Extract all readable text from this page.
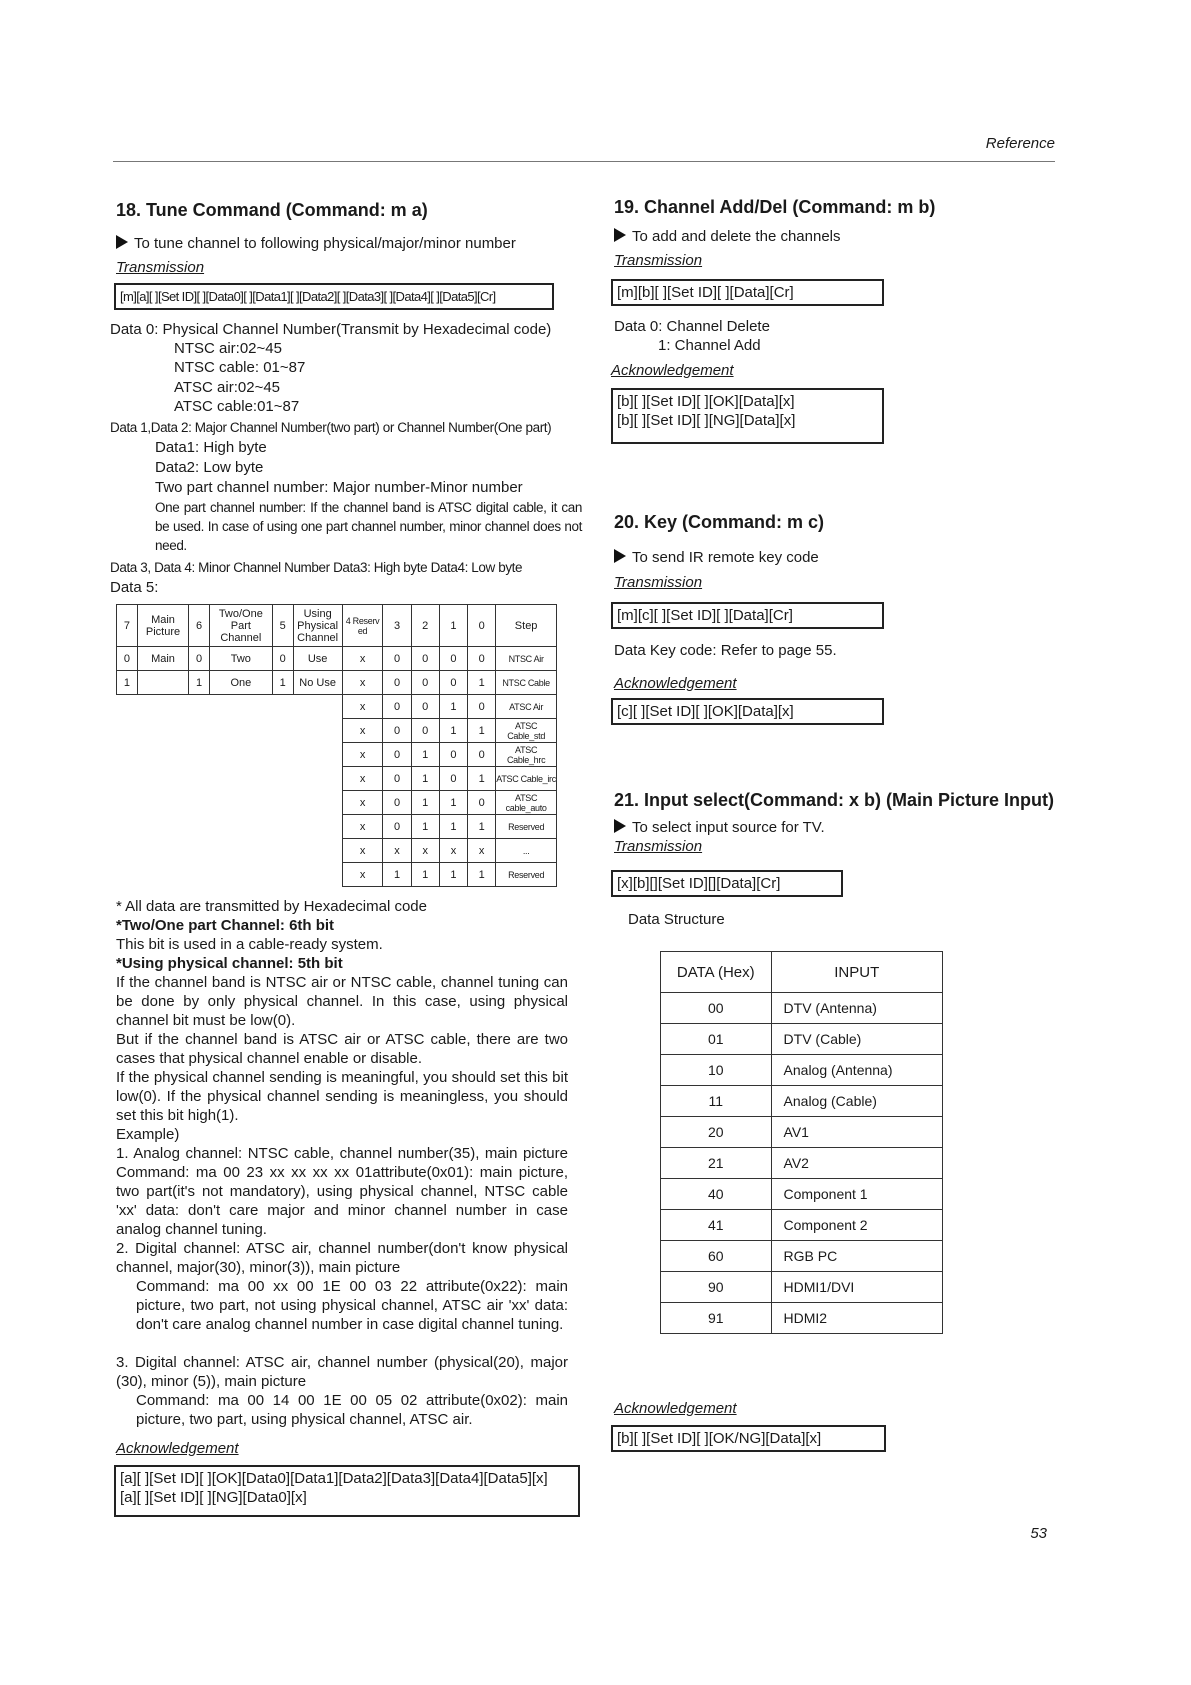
Reference
18. Tune Command (Command: m a)
To tune channel to following physical/major/minor number
Transmission
[m][a][ ][Set ID][ ][Data0][ ][Data1][ ][Data2][ ][Data3][ ][Data4][ ][Data5][Cr]
Data 0: Physical Channel Number(Transmit by Hexadecimal code)
NTSC air:02~45
NTSC cable: 01~87
ATSC air:02~45
ATSC cable:01~87
Data 1,Data 2: Major Channel Number(two part) or Channel Number(One part)
Data1: High byte
Data2: Low byte
Two part channel number: Major number-Minor number
One part channel number: If the channel band is ATSC digital cable, it can be used. In case of using one part channel number, minor channel does not need.
Data 3, Data 4: Minor Channel Number Data3: High byte Data4: Low byte
Data 5:
7	Main Picture	6	Two/One Part Channel	5	Using Physical Channel	4 Reserv ed	3	2	1	0	Step
0	Main	0	Two	0	Use	x	0	0	0	0	NTSC Air
1		1	One	1	No Use	x	0	0	0	1	NTSC Cable
						x	0	0	1	0	ATSC Air
						x	0	0	1	1	ATSC Cable_std
						x	0	1	0	0	ATSC Cable_hrc
						x	0	1	0	1	ATSC Cable_irc
						x	0	1	1	0	ATSC cable_auto
						x	0	1	1	1	Reserved
						x	x	x	x	x	...
						x	1	1	1	1	Reserved
* All data are transmitted by Hexadecimal code
*Two/One part Channel: 6th bit
This bit is used in a cable-ready system.
*Using physical channel: 5th bit
If the channel band is NTSC air or NTSC cable, channel tuning can be done by only physical channel. In this case, using physical channel bit must be low(0).
But if the channel band is ATSC air or ATSC cable, there are two cases that physical channel enable or disable.
If the physical channel sending is meaningful, you should set this bit low(0). If the physical channel sending is meaningless, you should set this bit high(1).
Example)
1. Analog channel: NTSC cable, channel number(35), main picture Command: ma 00 23 xx xx xx xx 01attribute(0x01): main picture, two part(it's not mandatory), using physical channel, NTSC cable 'xx' data: don't care major and minor channel number in case analog channel tuning.
2. Digital channel: ATSC air, channel number(don't know physical channel, major(30), minor(3)), main picture
Command: ma 00 xx 00 1E 00 03 22 attribute(0x22): main picture, two part, not using physical channel, ATSC air 'xx' data: don't care analog channel number in case digital channel tuning.
3. Digital channel: ATSC air, channel number (physical(20), major (30), minor (5)), main picture
Command: ma 00 14 00 1E 00 05 02 attribute(0x02): main picture, two part, using physical channel, ATSC air.
Acknowledgement
[a][ ][Set ID][ ][OK][Data0][Data1][Data2][Data3][Data4][Data5][x]
[a][ ][Set ID][ ][NG][Data0][x]
19. Channel Add/Del (Command: m b)
To add and delete the channels
Transmission
[m][b][ ][Set ID][ ][Data][Cr]
Data 0: Channel Delete
1: Channel Add
Acknowledgement
[b][ ][Set ID][ ][OK][Data][x]
[b][ ][Set ID][ ][NG][Data][x]
20. Key (Command: m c)
To send IR remote key code
Transmission
[m][c][ ][Set ID][ ][Data][Cr]
Data Key code: Refer to page 55.
Acknowledgement
[c][ ][Set ID][ ][OK][Data][x]
21. Input select(Command: x b) (Main Picture Input)
To select input source for TV.
Transmission
[x][b][][Set ID][][Data][Cr]
Data Structure
DATA (Hex)	INPUT
00	DTV (Antenna)
01	DTV (Cable)
10	Analog (Antenna)
11	Analog (Cable)
20	AV1
21	AV2
40	Component 1
41	Component 2
60	RGB PC
90	HDMI1/DVI
91	HDMI2
Acknowledgement
[b][ ][Set ID][ ][OK/NG][Data][x]
53
